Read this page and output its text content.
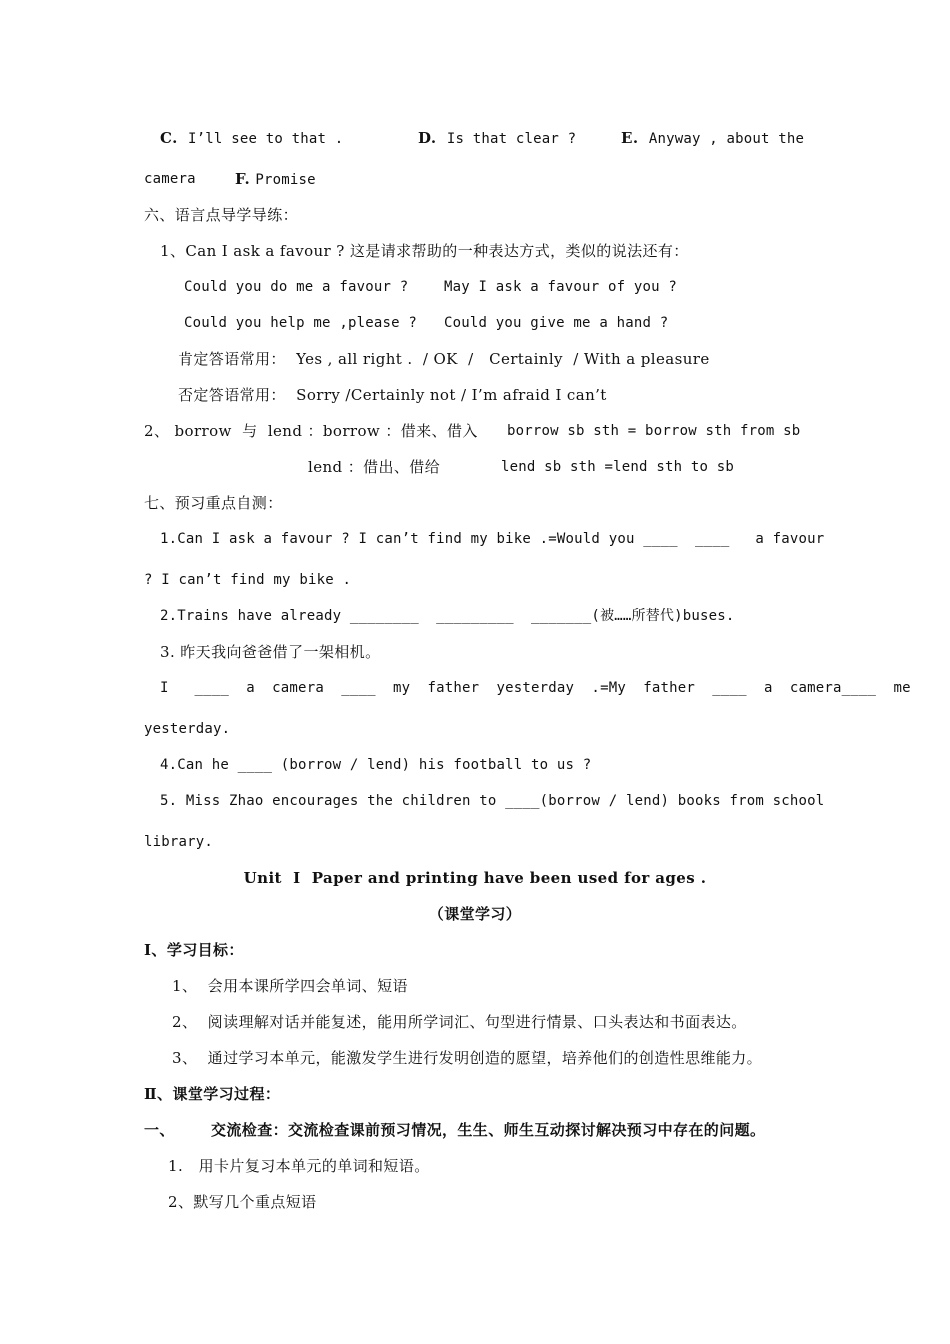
C. I’ll see to that .	D. Is that clear ?	E. Anyway , about the
camera	F. Promise
六、语言点导学导练：
1、Can I ask a favour ? 这是请求帮助的一种表达方式，类似的说法还有：
Could you do me a favour ?	May I ask a favour of you ?
Could you help me ,please ? Could you give me a hand ?
肯定答语常用：  Yes , all right .  / OK  /   Certainly  / With a pleasure
否定答语常用：  Sorry /Certainly not / I’m afraid I can’t
2、 borrow  与  lend ：borrow ：借来、借入 borrow sb sth = borrow sth from sb
lend ：借出、借给	lend sb sth =lend sth to sb
七、预习重点自测：
1.Can I ask a favour ? I can’t find my bike .=Would you ____  ____   a favour
? I can’t find my bike .
2.Trains have already ________  _________  _______(被……所替代)buses.
3. 昨天我向爸爸借了一架相机。
I   ____  a  camera  ____  my  father  yesterday  .=My  father  ____  a  camera____  me
yesterday.
4.Can he ____ (borrow / lend) his football to us ?
5. Miss Zhao encourages the children to ____(borrow / lend) books from school
library.
Unit  Ⅰ  Paper and printing have been used for ages .
（课堂学习）
Ⅰ、学习目标：
1、  会用本课所学四会单词、短语
2、  阅读理解对话并能复述，能用所学词汇、句型进行情景、口头表达和书面表达。
3、  通过学习本单元，能激发学生进行发明创造的愿望，培养他们的创造性思维能力。
Ⅱ、课堂学习过程：
一、 交流检查：交流检查课前预习情况，生生、师生互动探讨解决预习中存在的问题。
1.   用卡片复习本单元的单词和短语。
2、默写几个重点短语
